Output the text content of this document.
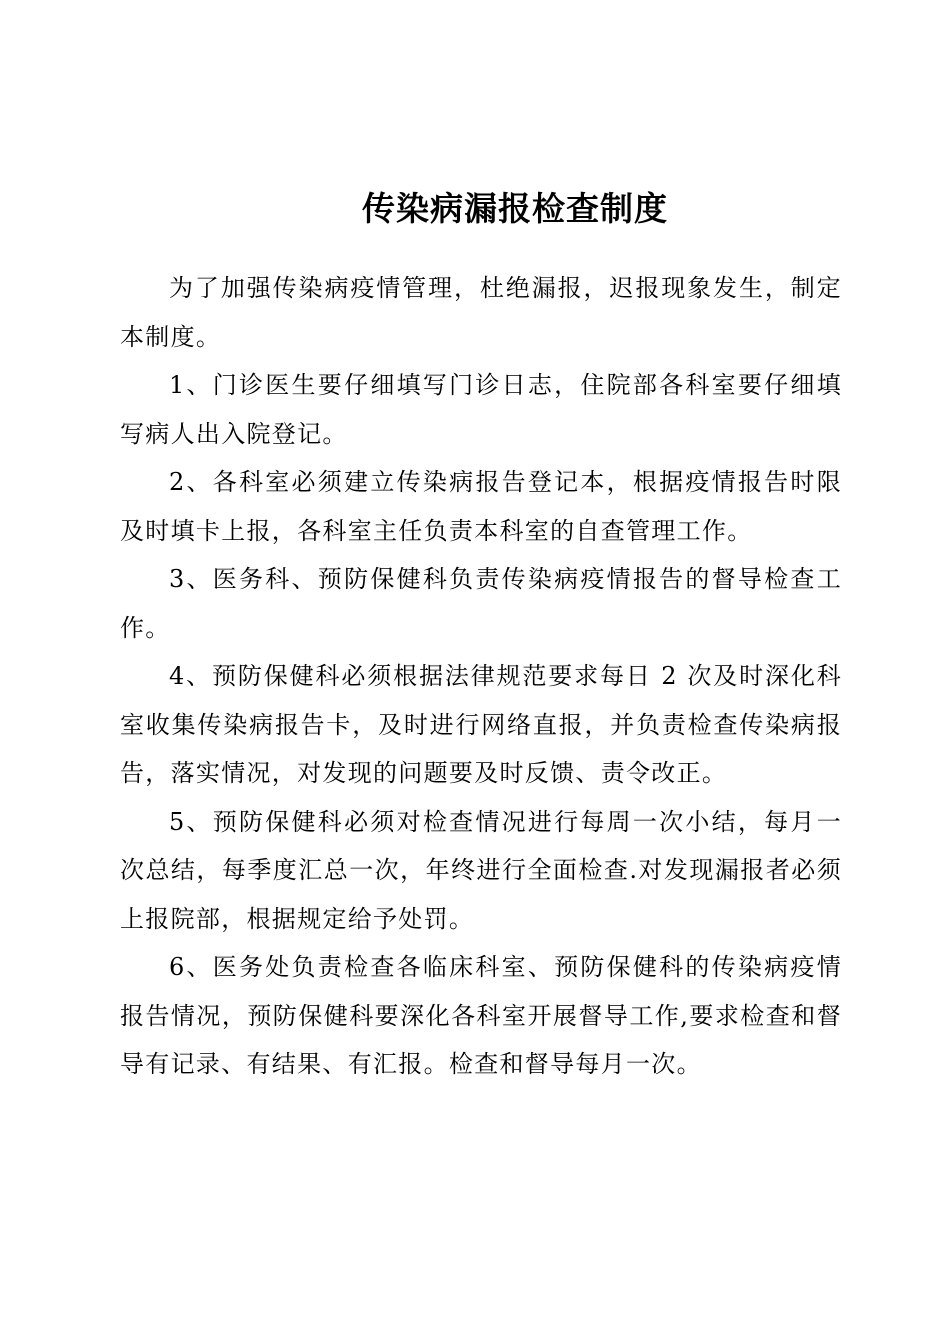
传染病漏报检查制度

为了加强传染病疫情管理，杜绝漏报，迟报现象发生，制定本制度。

1、门诊医生要仔细填写门诊日志，住院部各科室要仔细填写病人出入院登记。

2、各科室必须建立传染病报告登记本，根据疫情报告时限及时填卡上报，各科室主任负责本科室的自查管理工作。

3、医务科、预防保健科负责传染病疫情报告的督导检查工作。

4、预防保健科必须根据法律规范要求每日 2 次及时深化科室收集传染病报告卡，及时进行网络直报，并负责检查传染病报告，落实情况，对发现的问题要及时反馈、责令改正。

5、预防保健科必须对检查情况进行每周一次小结，每月一次总结，每季度汇总一次，年终进行全面检查.对发现漏报者必须上报院部，根据规定给予处罚。

6、医务处负责检查各临床科室、预防保健科的传染病疫情报告情况，预防保健科要深化各科室开展督导工作,要求检查和督导有记录、有结果、有汇报。检查和督导每月一次。
